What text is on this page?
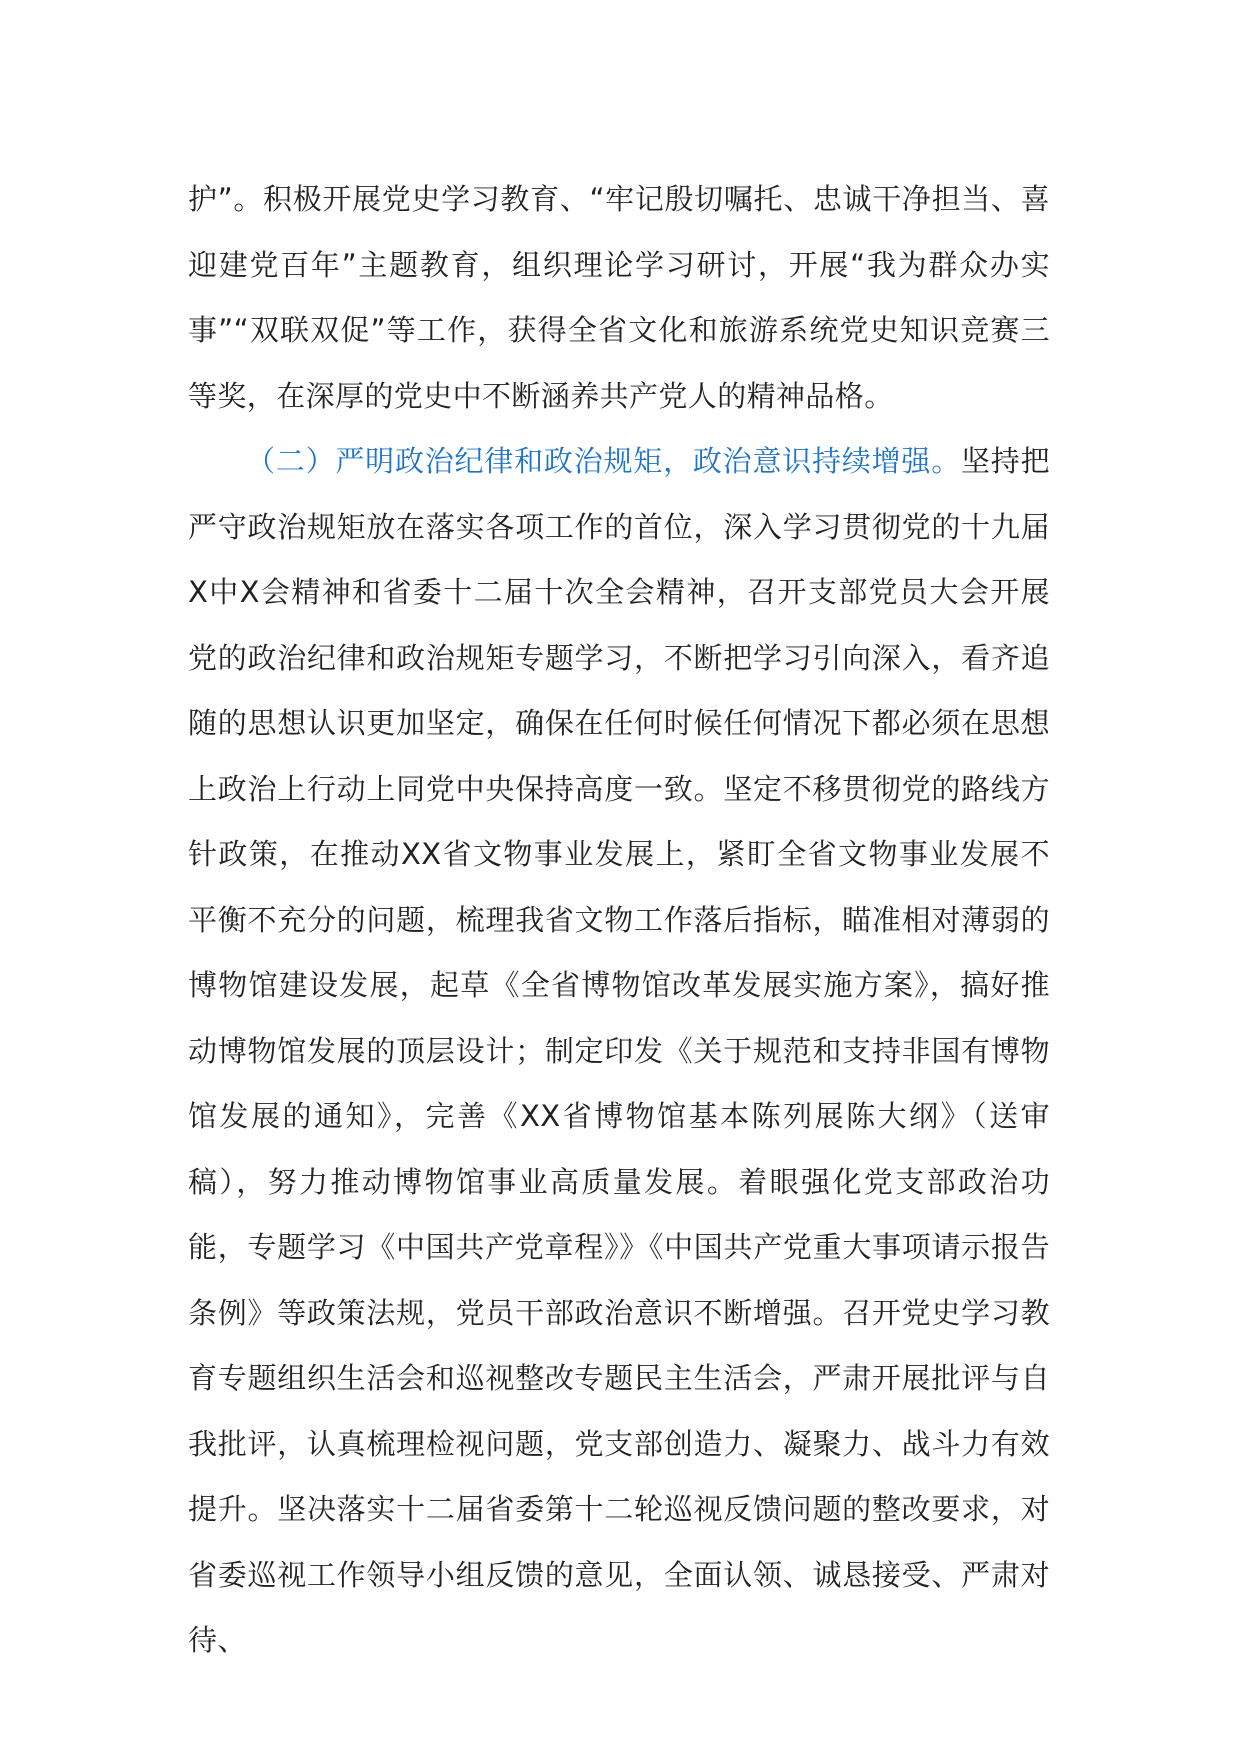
护”。积极开展党史学习教育、“牢记殷切嘱托、忠诚干净担当、喜迎建党百年”主题教育，组织理论学习研讨，开展“我为群众办实事”“双联双促”等工作，获得全省文化和旅游系统党史知识竞赛三等奖，在深厚的党史中不断涵养共产党人的精神品格。

（二）严明政治纪律和政治规矩，政治意识持续增强。坚持把严守政治规矩放在落实各项工作的首位，深入学习贯彻党的十九届X中X会精神和省委十二届十次全会精神，召开支部党员大会开展党的政治纪律和政治规矩专题学习，不断把学习引向深入，看齐追随的思想认识更加坚定，确保在任何时候任何情况下都必须在思想上政治上行动上同党中央保持高度一致。坚定不移贯彻党的路线方针政策，在推动XX省文物事业发展上，紧盯全省文物事业发展不平衡不充分的问题，梳理我省文物工作落后指标，瞄准相对薄弱的博物馆建设发展，起草《全省博物馆改革发展实施方案》，搞好推动博物馆发展的顶层设计；制定印发《关于规范和支持非国有博物馆发展的通知》，完善《XX省博物馆基本陈列展陈大纲》（送审稿），努力推动博物馆事业高质量发展。着眼强化党支部政治功能，专题学习《中国共产党章程》》《中国共产党重大事项请示报告条例》等政策法规，党员干部政治意识不断增强。召开党史学习教育专题组织生活会和巡视整改专题民主生活会，严肃开展批评与自我批评，认真梳理检视问题，党支部创造力、凝聚力、战斗力有效提升。坚决落实十二届省委第十二轮巡视反馈问题的整改要求，对省委巡视工作领导小组反馈的意见，全面认领、诚恳接受、严肃对待、
